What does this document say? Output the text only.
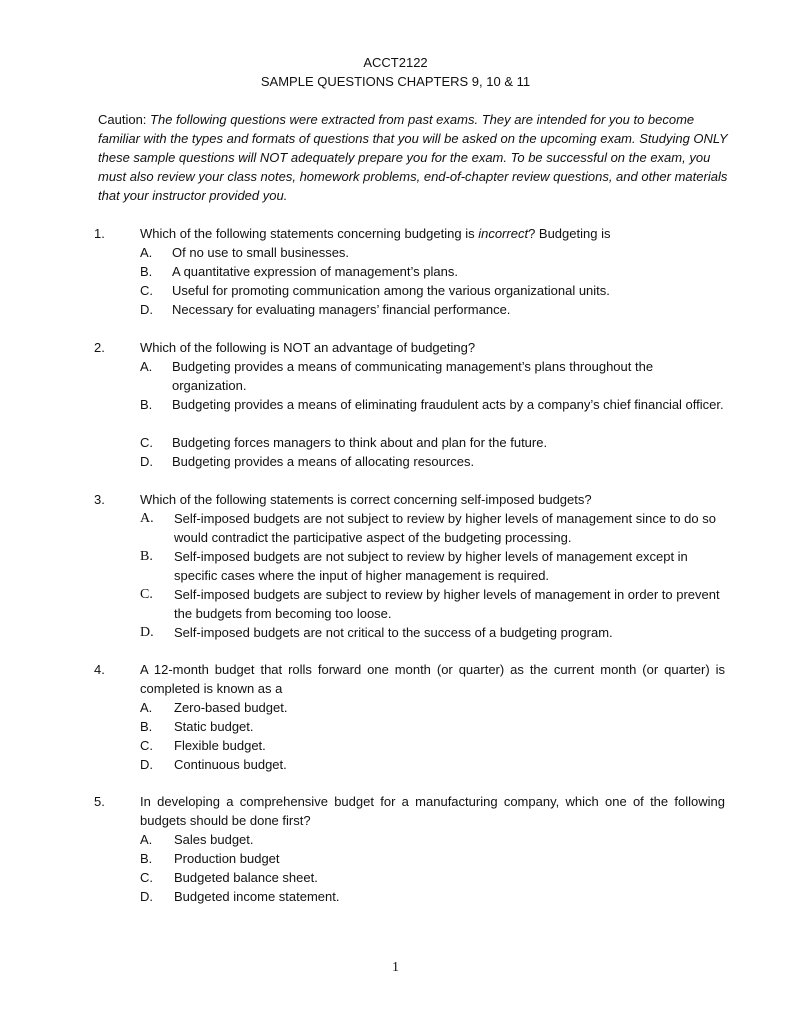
ACCT2122
SAMPLE QUESTIONS CHAPTERS 9, 10 & 11
Caution: The following questions were extracted from past exams. They are intended for you to become familiar with the types and formats of questions that you will be asked on the upcoming exam. Studying ONLY these sample questions will NOT adequately prepare you for the exam. To be successful on the exam, you must also review your class notes, homework problems, end-of-chapter review questions, and other materials that your instructor provided you.
1.	Which of the following statements concerning budgeting is incorrect? Budgeting is
A. Of no use to small businesses.
B. A quantitative expression of management’s plans.
C. Useful for promoting communication among the various organizational units.
D. Necessary for evaluating managers’ financial performance.
2.	Which of the following is NOT an advantage of budgeting?
A. Budgeting provides a means of communicating management’s plans throughout the organization.
B. Budgeting provides a means of eliminating fraudulent acts by a company’s chief financial officer.
C. Budgeting forces managers to think about and plan for the future.
D. Budgeting provides a means of allocating resources.
3.	Which of the following statements is correct concerning self-imposed budgets?
A. Self-imposed budgets are not subject to review by higher levels of management since to do so would contradict the participative aspect of the budgeting processing.
B. Self-imposed budgets are not subject to review by higher levels of management except in specific cases where the input of higher management is required.
C. Self-imposed budgets are subject to review by higher levels of management in order to prevent the budgets from becoming too loose.
D. Self-imposed budgets are not critical to the success of a budgeting program.
4.	A 12-month budget that rolls forward one month (or quarter) as the current month (or quarter) is completed is known as a
A. Zero-based budget.
B. Static budget.
C. Flexible budget.
D. Continuous budget.
5.	In developing a comprehensive budget for a manufacturing company, which one of the following budgets should be done first?
A. Sales budget.
B. Production budget
C. Budgeted balance sheet.
D. Budgeted income statement.
1
